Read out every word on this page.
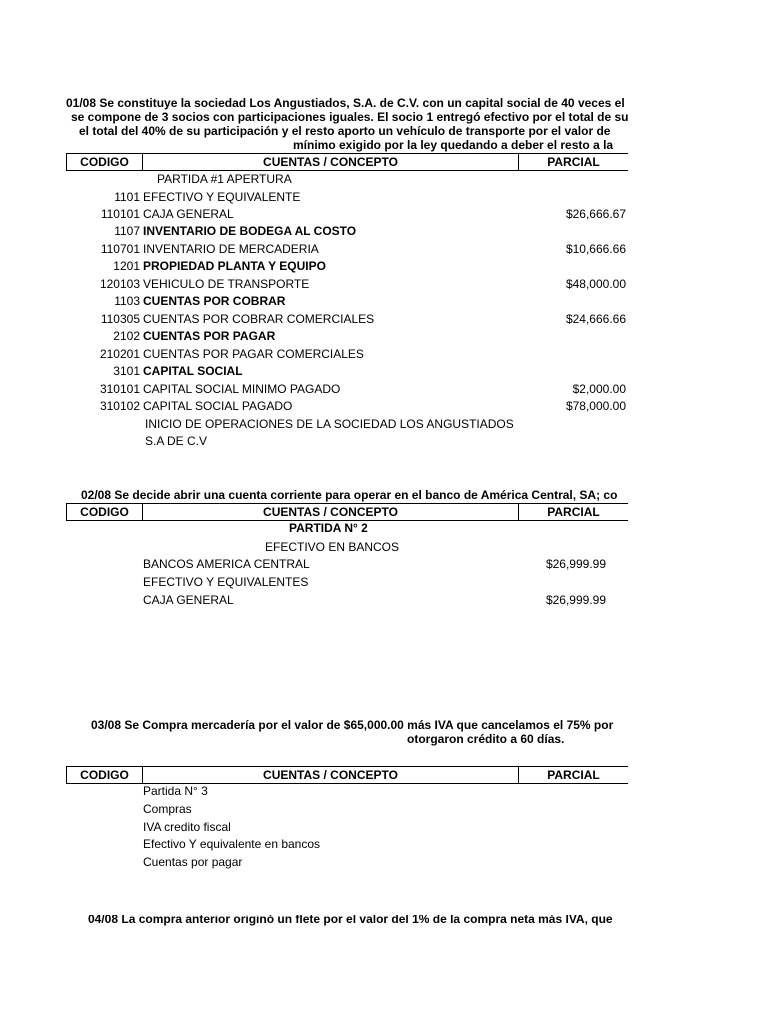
01/08 Se constituye la sociedad Los Angustiados, S.A. de C.V. con un capital social de 40 veces el
se compone de 3 socios con participaciones iguales. El socio 1 entregó efectivo por el total de su
el total del 40% de su participación y el resto aporto un vehículo de transporte por el valor de
mínimo exigido por la ley quedando a deber el resto a la
CODIGO	CUENTAS / CONCEPTO	PARCIAL
PARTIDA #1 APERTURA
1101 EFECTIVO Y EQUIVALENTE
110101 CAJA GENERAL	$26,666.67
1107 INVENTARIO DE BODEGA AL COSTO
110701 INVENTARIO DE MERCADERIA	$10,666.66
1201 PROPIEDAD PLANTA Y EQUIPO
120103 VEHICULO DE TRANSPORTE	$48,000.00
1103 CUENTAS POR COBRAR
110305 CUENTAS POR COBRAR COMERCIALES	$24,666.66
2102 CUENTAS POR PAGAR
210201 CUENTAS POR PAGAR COMERCIALES
3101 CAPITAL SOCIAL
310101 CAPITAL SOCIAL MINIMO PAGADO	$2,000.00
310102 CAPITAL SOCIAL PAGADO	$78,000.00
INICIO DE OPERACIONES DE LA SOCIEDAD LOS ANGUSTIADOS
S.A DE C.V
02/08 Se decide abrir una cuenta corriente para operar en el banco de América Central, SA; co
CODIGO	CUENTAS / CONCEPTO	PARCIAL
PARTIDA N° 2
EFECTIVO EN BANCOS
BANCOS AMERICA CENTRAL	$26,999.99
EFECTIVO Y EQUIVALENTES
CAJA GENERAL	$26,999.99
03/08 Se Compra mercadería por el valor de $65,000.00 más IVA que cancelamos el 75% por
otorgaron crédito a 60 días.
CODIGO	CUENTAS / CONCEPTO	PARCIAL
Partida N° 3
Compras
IVA credito fiscal
Efectivo Y equivalente en bancos
Cuentas por pagar
04/08 La compra anterior originó un flete por el valor del 1% de la compra neta más IVA, que
